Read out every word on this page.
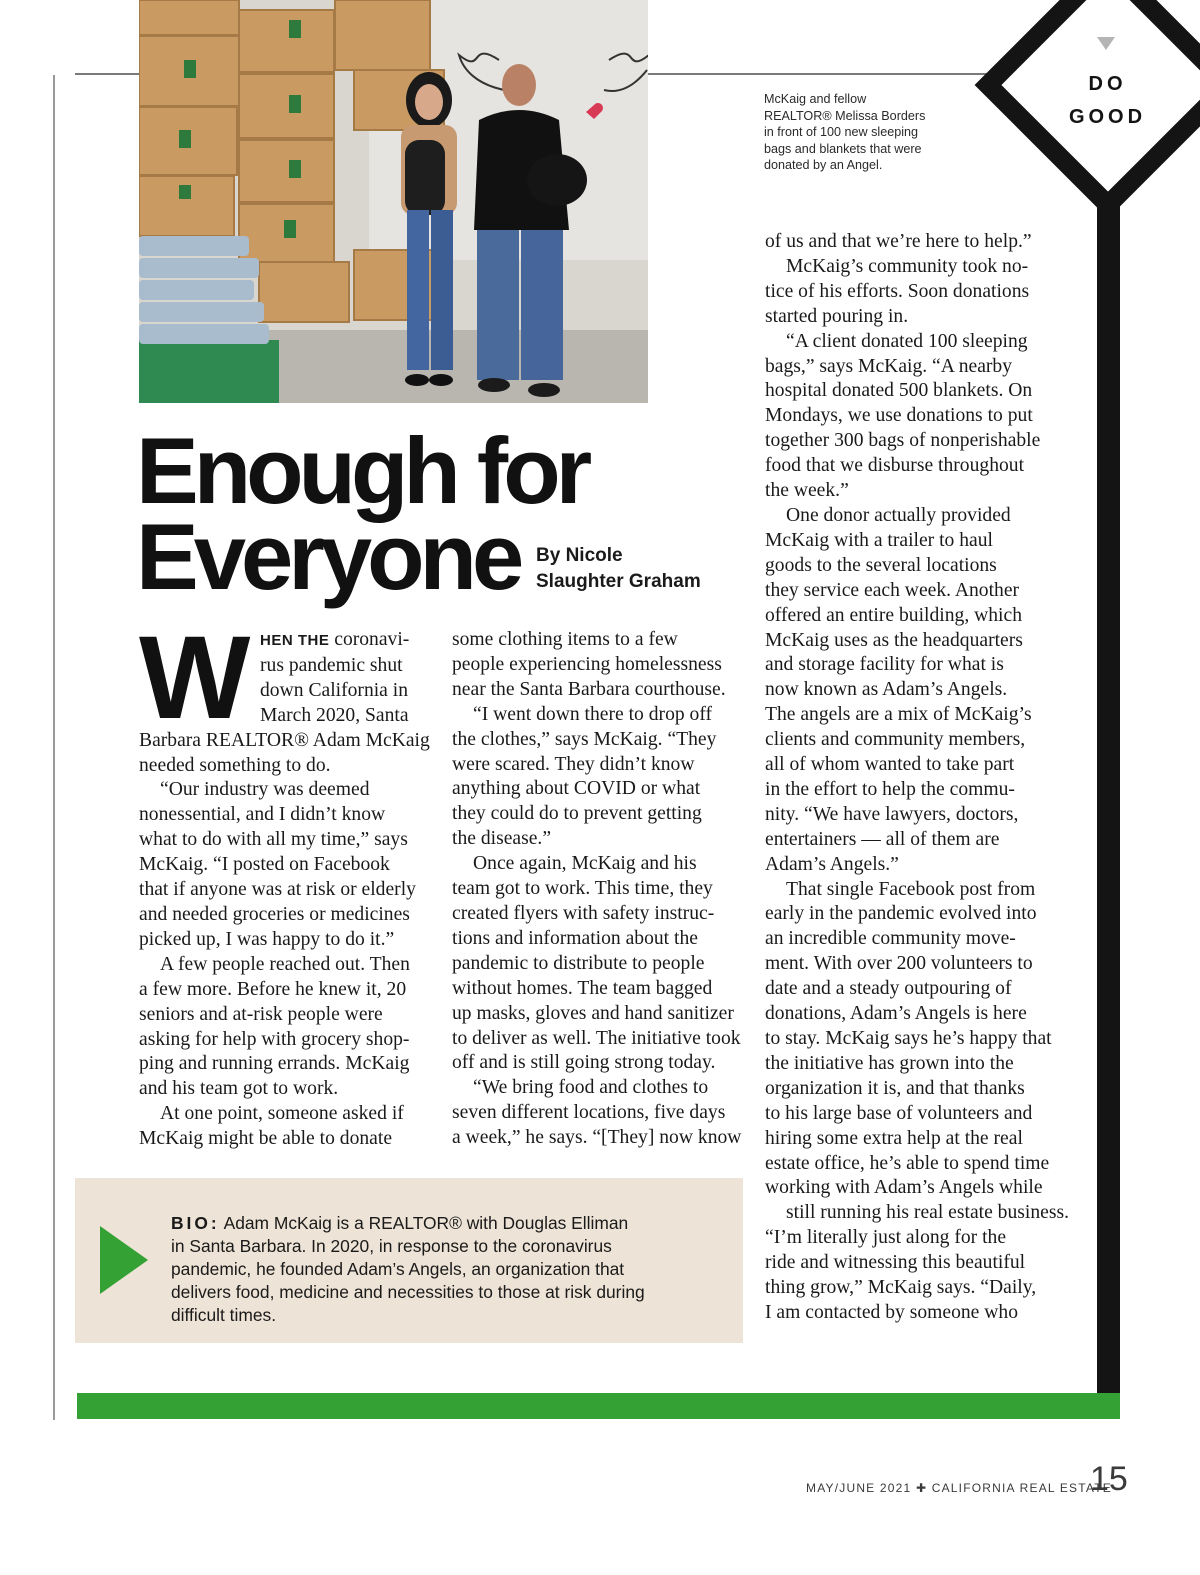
DO
GOOD
McKaig and fellow
REALTOR® Melissa Borders
in front of 100 new sleeping
bags and blankets that were
donated by an Angel.
Enough for
Everyone By Nicole
Slaughter Graham
W HEN THE coronavi-
rus pandemic shut
down California in
March 2020, Santa
Barbara REALTOR® Adam McKaig
needed something to do.
“Our industry was deemed
nonessential, and I didn’t know
what to do with all my time,” says
McKaig. “I posted on Facebook
that if anyone was at risk or elderly
and needed groceries or medicines
picked up, I was happy to do it.”
A few people reached out. Then
a few more. Before he knew it, 20
seniors and at-risk people were
asking for help with grocery shop-
ping and running errands. McKaig
and his team got to work.
At one point, someone asked if
McKaig might be able to donate
some clothing items to a few
people experiencing homelessness
near the Santa Barbara courthouse.
“I went down there to drop off
the clothes,” says McKaig. “They
were scared. They didn’t know
anything about COVID or what
they could do to prevent getting
the disease.”
Once again, McKaig and his
team got to work. This time, they
created flyers with safety instruc-
tions and information about the
pandemic to distribute to people
without homes. The team bagged
up masks, gloves and hand sanitizer
to deliver as well. The initiative took
off and is still going strong today.
“We bring food and clothes to
seven different locations, five days
a week,” he says. “[They] now know
of us and that we’re here to help.”
McKaig’s community took no-
tice of his efforts. Soon donations
started pouring in.
“A client donated 100 sleeping
bags,” says McKaig. “A nearby
hospital donated 500 blankets. On
Mondays, we use donations to put
together 300 bags of nonperishable
food that we disburse throughout
the week.”
One donor actually provided
McKaig with a trailer to haul
goods to the several locations
they service each week. Another
offered an entire building, which
McKaig uses as the headquarters
and storage facility for what is
now known as Adam’s Angels.
The angels are a mix of McKaig’s
clients and community members,
all of whom wanted to take part
in the effort to help the commu-
nity. “We have lawyers, doctors,
entertainers — all of them are
Adam’s Angels.”
That single Facebook post from
early in the pandemic evolved into
an incredible community move-
ment. With over 200 volunteers to
date and a steady outpouring of
donations, Adam’s Angels is here
to stay. McKaig says he’s happy that
the initiative has grown into the
organization it is, and that thanks
to his large base of volunteers and
hiring some extra help at the real
estate office, he’s able to spend time
working with Adam’s Angels while
still running his real estate business.
“I’m literally just along for the
ride and witnessing this beautiful
thing grow,” McKaig says. “Daily,
I am contacted by someone who
BIO: Adam McKaig is a REALTOR® with Douglas Elliman
in Santa Barbara. In 2020, in response to the coronavirus
pandemic, he founded Adam’s Angels, an organization that
delivers food, medicine and necessities to those at risk during
difficult times.
MAY/JUNE 2021 ✚ CALIFORNIA REAL ESTATE
15
